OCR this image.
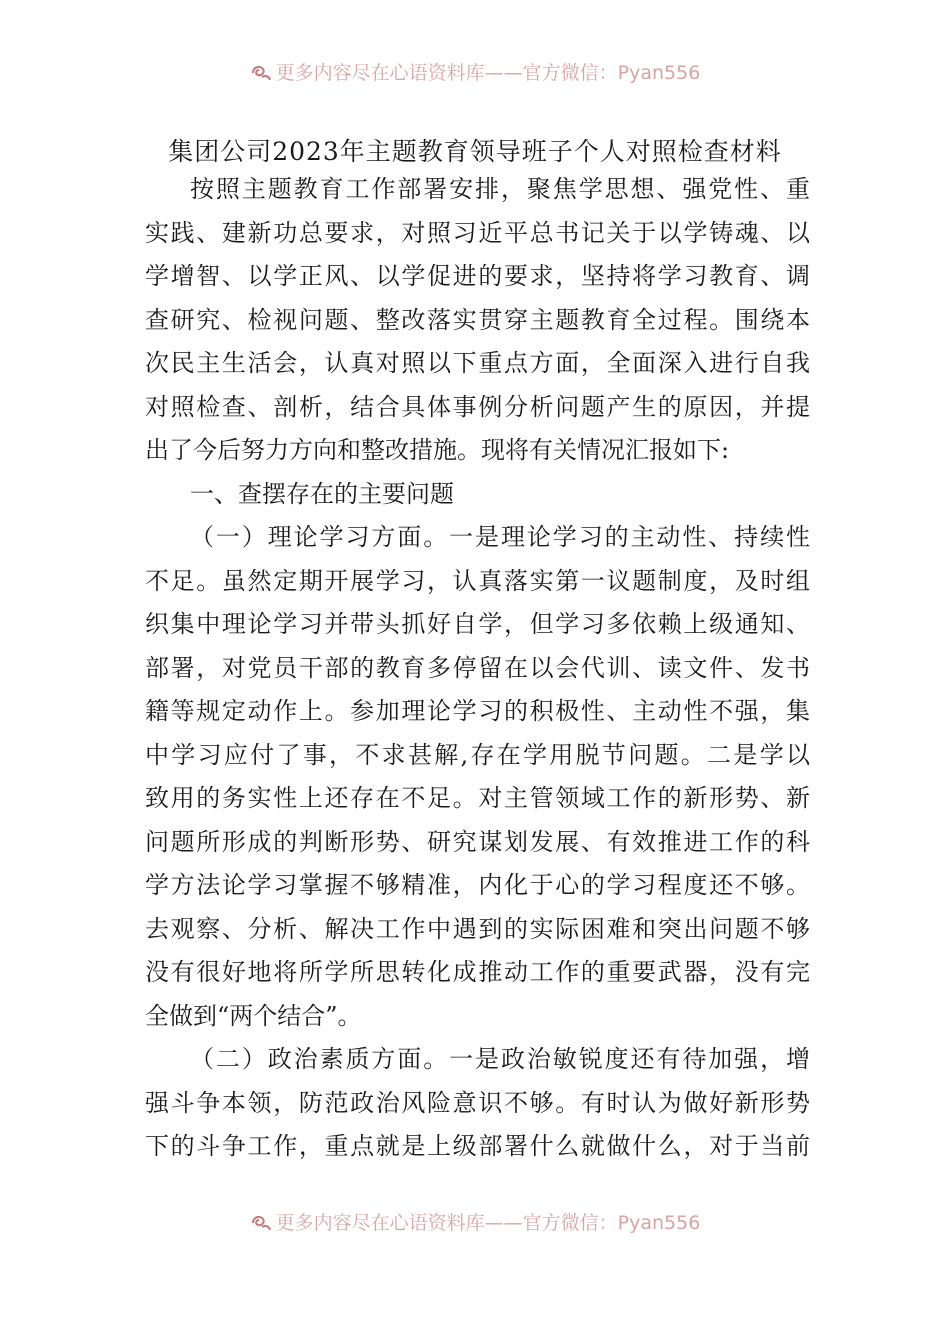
更多内容尽在心语资料库——官方微信：Pyan556
集团公司2023年主题教育领导班子个人对照检查材料
按照主题教育工作部署安排，聚焦学思想、强党性、重
实践、建新功总要求，对照习近平总书记关于以学铸魂、以
学增智、以学正风、以学促进的要求，坚持将学习教育、调
查研究、检视问题、整改落实贯穿主题教育全过程。围绕本
次民主生活会，认真对照以下重点方面，全面深入进行自我
对照检查、剖析，结合具体事例分析问题产生的原因，并提
出了今后努力方向和整改措施。现将有关情况汇报如下:
一、查摆存在的主要问题
（一）理论学习方面。一是理论学习的主动性、持续性
不足。虽然定期开展学习，认真落实第一议题制度，及时组
织集中理论学习并带头抓好自学，但学习多依赖上级通知、
部署，对党员干部的教育多停留在以会代训、读文件、发书
籍等规定动作上。参加理论学习的积极性、主动性不强，集
中学习应付了事，不求甚解,存在学用脱节问题。二是学以
致用的务实性上还存在不足。对主管领域工作的新形势、新
问题所形成的判断形势、研究谋划发展、有效推进工作的科
学方法论学习掌握不够精准，内化于心的学习程度还不够。
去观察、分析、解决工作中遇到的实际困难和突出问题不够
没有很好地将所学所思转化成推动工作的重要武器，没有完
全做到“两个结合”。
（二）政治素质方面。一是政治敏锐度还有待加强，增
强斗争本领，防范政治风险意识不够。有时认为做好新形势
下的斗争工作，重点就是上级部署什么就做什么，对于当前
更多内容尽在心语资料库——官方微信：Pyan556
